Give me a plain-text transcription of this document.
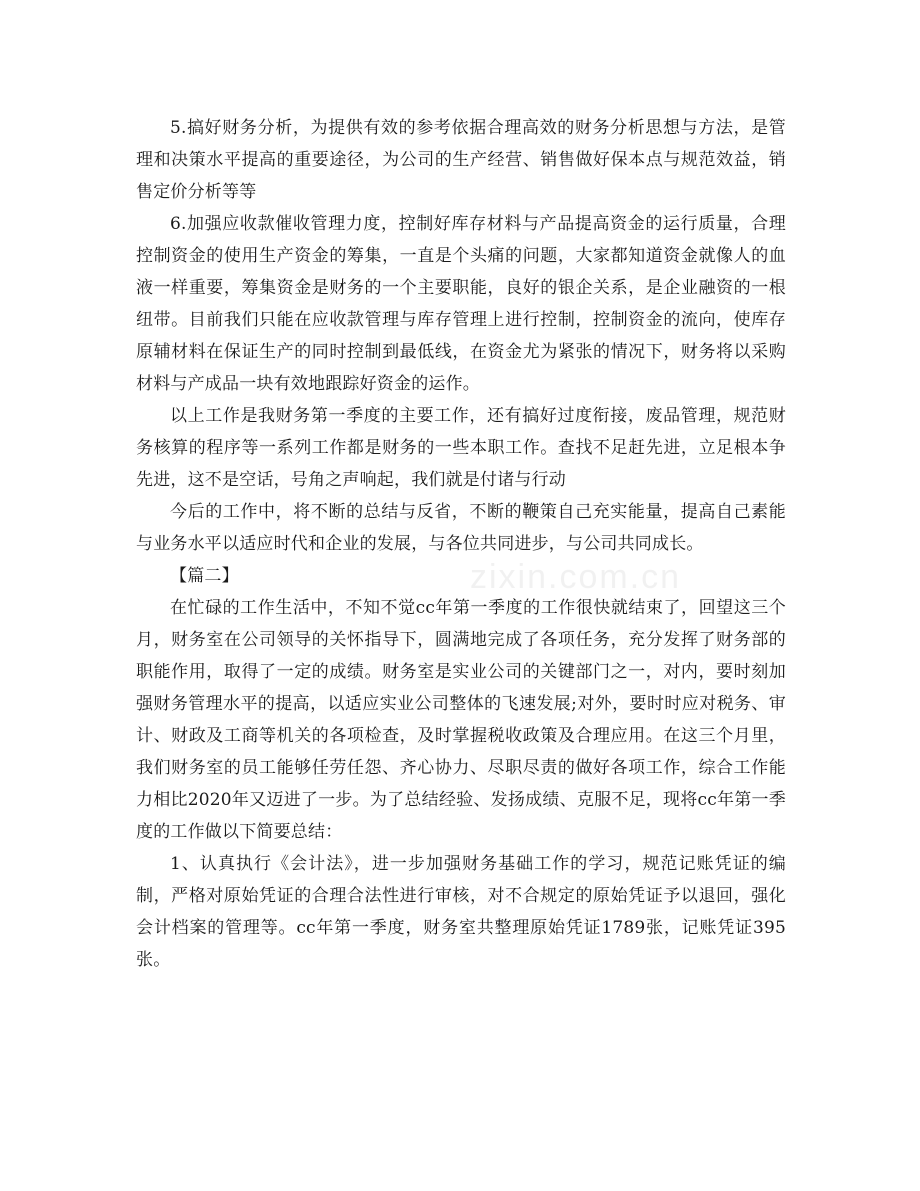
5.搞好财务分析，为提供有效的参考依据合理高效的财务分析思想与方法，是管理和决策水平提高的重要途径，为公司的生产经营、销售做好保本点与规范效益，销售定价分析等等

6.加强应收款催收管理力度，控制好库存材料与产品提高资金的运行质量，合理控制资金的使用生产资金的筹集，一直是个头痛的问题，大家都知道资金就像人的血液一样重要，筹集资金是财务的一个主要职能，良好的银企关系，是企业融资的一根纽带。目前我们只能在应收款管理与库存管理上进行控制，控制资金的流向，使库存原辅材料在保证生产的同时控制到最低线，在资金尤为紧张的情况下，财务将以采购材料与产成品一块有效地跟踪好资金的运作。

以上工作是我财务第一季度的主要工作，还有搞好过度衔接，废品管理，规范财务核算的程序等一系列工作都是财务的一些本职工作。查找不足赶先进，立足根本争先进，这不是空话，号角之声响起，我们就是付诸与行动

今后的工作中，将不断的总结与反省，不断的鞭策自己充实能量，提高自己素能与业务水平以适应时代和企业的发展，与各位共同进步，与公司共同成长。

【篇二】

在忙碌的工作生活中，不知不觉cc年第一季度的工作很快就结束了，回望这三个月，财务室在公司领导的关怀指导下，圆满地完成了各项任务，充分发挥了财务部的职能作用，取得了一定的成绩。财务室是实业公司的关键部门之一，对内，要时刻加强财务管理水平的提高，以适应实业公司整体的飞速发展;对外，要时时应对税务、审计、财政及工商等机关的各项检查，及时掌握税收政策及合理应用。在这三个月里，我们财务室的员工能够任劳任怨、齐心协力、尽职尽责的做好各项工作，综合工作能力相比2020年又迈进了一步。为了总结经验、发扬成绩、克服不足，现将cc年第一季度的工作做以下简要总结：

1、认真执行《会计法》，进一步加强财务基础工作的学习，规范记账凭证的编制，严格对原始凭证的合理合法性进行审核，对不合规定的原始凭证予以退回，强化会计档案的管理等。cc年第一季度，财务室共整理原始凭证1789张，记账凭证395张。

zixin.com.cn
